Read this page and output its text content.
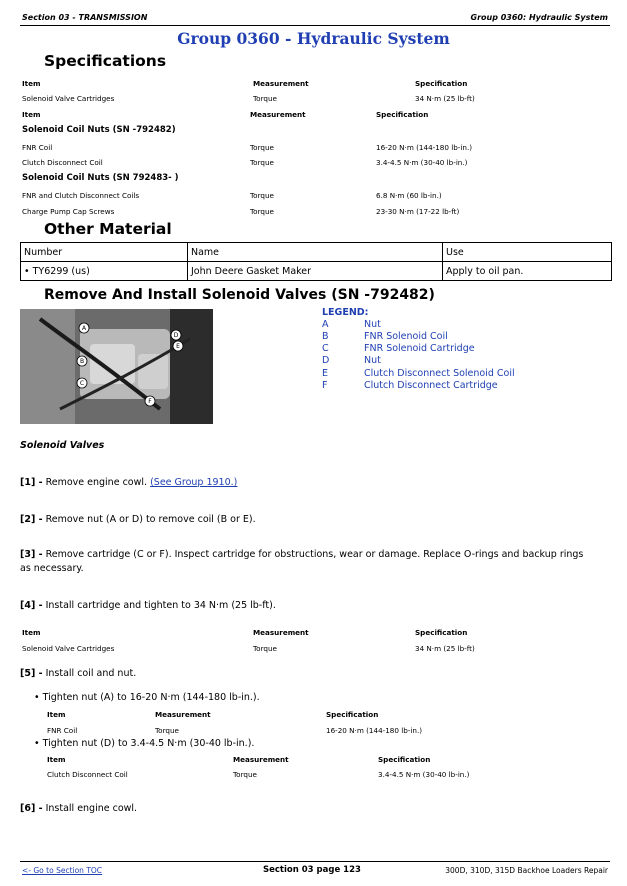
Section 03 - TRANSMISSION	Group 0360: Hydraulic System
Group 0360 - Hydraulic System
Specifications
Item	Measurement	Specification
Solenoid Valve Cartridges	Torque	34 N·m (25 lb-ft)
Item	Measurement	Specification
Solenoid Coil Nuts (SN -792482)
FNR Coil	Torque	16-20 N·m (144-180 lb-in.)
Clutch Disconnect Coil	Torque	3.4-4.5 N·m (30-40 lb-in.)
Solenoid Coil Nuts (SN 792483- )
FNR and Clutch Disconnect Coils	Torque	6.8 N·m (60 lb-in.)
Charge Pump Cap Screws	Torque	23-30 N·m (17-22 lb-ft)
Other Material
Number	Name	Use
• TY6299 (us)	John Deere Gasket Maker	Apply to oil pan.
Remove And Install Solenoid Valves (SN -792482)
A
B
C
D
E
F
LEGEND:
A	Nut
B	FNR Solenoid Coil
C	FNR Solenoid Cartridge
D	Nut
E	Clutch Disconnect Solenoid Coil
F	Clutch Disconnect Cartridge
Solenoid Valves
[1] - Remove engine cowl. (See Group 1910.)
[2] - Remove nut (A or D) to remove coil (B or E).
[3] - Remove cartridge (C or F). Inspect cartridge for obstructions, wear or damage. Replace O-rings and backup rings as necessary.
[4] - Install cartridge and tighten to 34 N·m (25 lb-ft).
Item	Measurement	Specification
Solenoid Valve Cartridges	Torque	34 N·m (25 lb-ft)
[5] - Install coil and nut.
• Tighten nut (A) to 16-20 N·m (144-180 lb-in.).
Item	Measurement	Specification
FNR Coil	Torque	16-20 N·m (144-180 lb-in.)
• Tighten nut (D) to 3.4-4.5 N·m (30-40 lb-in.).
Item	Measurement	Specification
Clutch Disconnect Coil	Torque	3.4-4.5 N·m (30-40 lb-in.)
[6] - Install engine cowl.
<- Go to Section TOC	Section 03 page 123	300D, 310D, 315D Backhoe Loaders Repair
